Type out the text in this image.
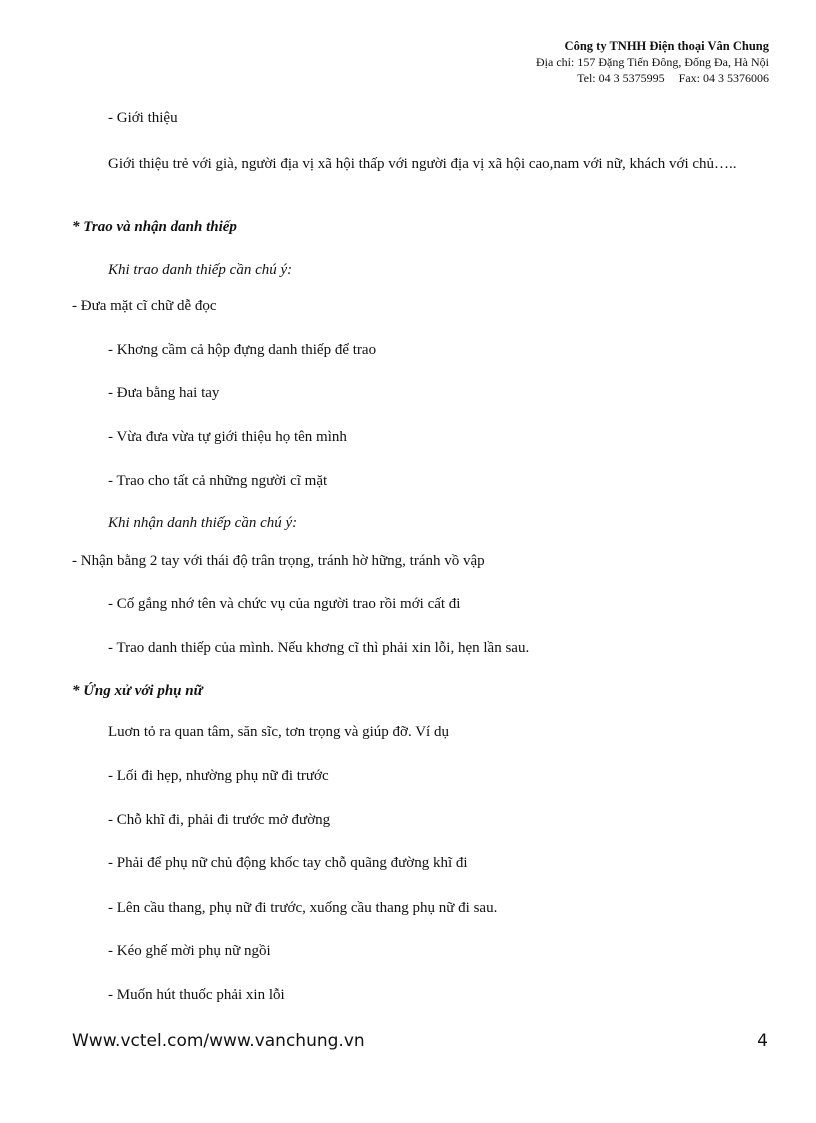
Công ty TNHH Điện thoại Vân Chung
Địa chỉ: 157 Đặng Tiến Đông, Đống Đa, Hà Nội
Tel: 04 3 5375995 Fax: 04 3 5376006
- Giới thiệu
Giới thiệu trẻ với già, người địa vị xã hội thấp với người địa vị xã hội cao,nam với nữ, khách với chủ…..
* Trao và nhận danh thiếp
Khi trao danh thiếp cần chú ý:
- Đưa mặt cĩ chữ dễ đọc
- Khơng cầm cả hộp đựng danh thiếp để trao
- Đưa bằng hai tay
- Vừa đưa vừa tự giới thiệu họ tên mình
- Trao cho tất cả những người cĩ mặt
Khi nhận danh thiếp cần chú ý:
- Nhận bằng 2 tay với thái độ trân trọng, tránh hờ hững, tránh vồ vập
- Cố gắng nhớ tên và chức vụ của người trao rồi mới cất đi
- Trao danh thiếp của mình. Nếu khơng cĩ thì phải xin lỗi, hẹn lần sau.
* Ứng xử với phụ nữ
Luơn tỏ ra quan tâm, săn sĩc, tơn trọng và giúp đỡ. Ví dụ
- Lối đi hẹp, nhường phụ nữ đi trước
- Chỗ khĩ đi, phải đi trước mở đường
- Phải để phụ nữ chủ động khốc tay chỗ quãng đường khĩ đi
- Lên cầu thang, phụ nữ đi trước, xuống cầu thang phụ nữ đi sau.
- Kéo ghế mời phụ nữ ngồi
- Muốn hút thuốc phải xin lỗi
Www.vctel.com/www.vanchung.vn	4
